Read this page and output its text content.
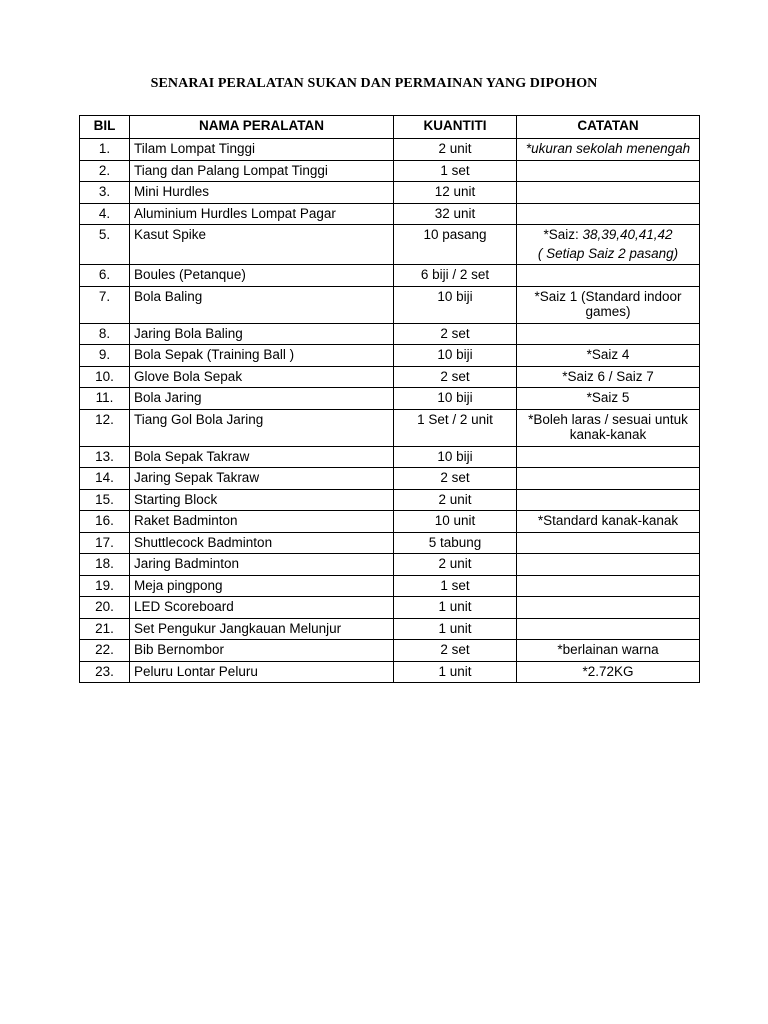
SENARAI PERALATAN SUKAN DAN PERMAINAN YANG DIPOHON
BIL	NAMA PERALATAN	KUANTITI	CATATAN
1.	Tilam Lompat Tinggi	2 unit	*ukuran sekolah menengah
2.	Tiang dan Palang Lompat Tinggi	1 set	
3.	Mini Hurdles	12 unit	
4.	Aluminium Hurdles Lompat Pagar	32 unit	
5.	Kasut Spike	10 pasang	*Saiz: 38,39,40,41,42
( Setiap Saiz 2 pasang)

6.	Boules (Petanque)	6 biji / 2 set	
7.	Bola Baling	10 biji	*Saiz 1 (Standard indoor games)
8.	Jaring Bola Baling	2 set	
9.	Bola Sepak (Training Ball )	10 biji	*Saiz 4
10.	Glove Bola Sepak	2 set	*Saiz 6 / Saiz 7
11.	Bola Jaring	10 biji	*Saiz 5
12.	Tiang Gol Bola Jaring	1 Set / 2 unit	*Boleh laras / sesuai untuk kanak-kanak
13.	Bola Sepak Takraw	10 biji	
14.	Jaring Sepak Takraw	2 set	
15.	Starting Block	2 unit	
16.	Raket Badminton	10 unit	*Standard kanak-kanak
17.	Shuttlecock Badminton	5 tabung	
18.	Jaring Badminton	2 unit	
19.	Meja pingpong	1 set	
20.	LED Scoreboard	1 unit	
21.	Set Pengukur Jangkauan Melunjur	1 unit	
22.	Bib Bernombor	2 set	*berlainan warna
23.	Peluru Lontar Peluru	1 unit	*2.72KG
